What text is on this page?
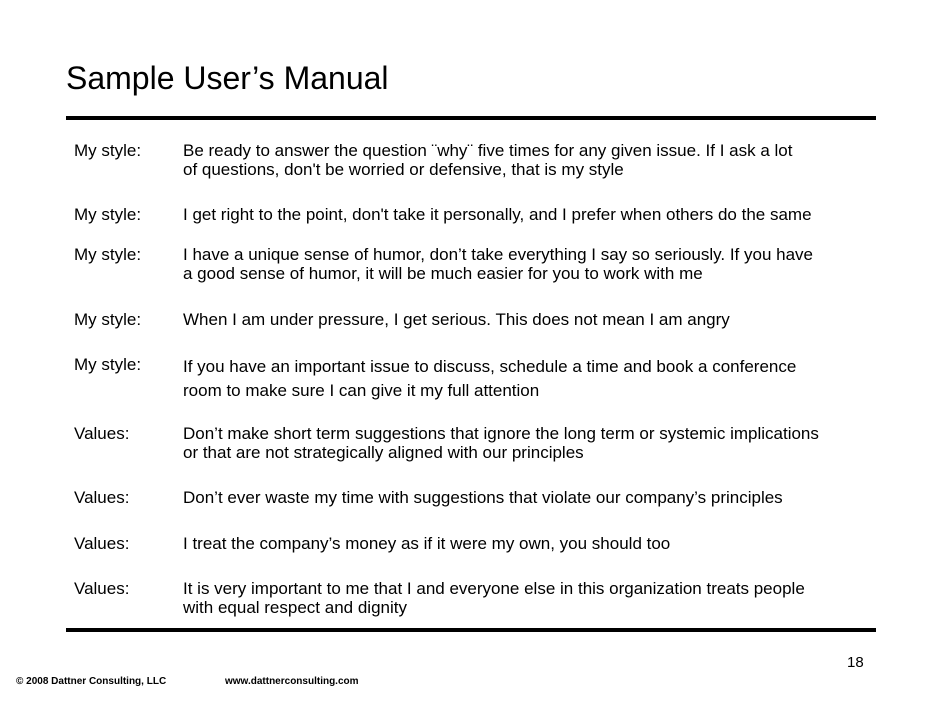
Sample User’s Manual
My style: Be ready to answer the question ¨why¨ five times for any given issue. If I ask a lot
of questions, don't be worried or defensive, that is my style
My style: I get right to the point, don't take it personally, and I prefer when others do the same
My style: I have a unique sense of humor, don’t take everything I say so seriously. If you have
a good sense of humor, it will be much easier for you to work with me
My style: When I am under pressure, I get serious. This does not mean I am angry
My style: If you have an important issue to discuss, schedule a time and book a conference
room to make sure I can give it my full attention
Values:	Don’t make short term suggestions that ignore the long term or systemic implications
or that are not strategically aligned with our principles
Values:	Don’t ever waste my time with suggestions that violate our company’s principles
Values:	I treat the company’s money as if it were my own, you should too
Values:	It is very important to me that I and everyone else in this organization treats people
with equal respect and dignity
18
© 2008 Dattner Consulting, LLC	www.dattnerconsulting.com
